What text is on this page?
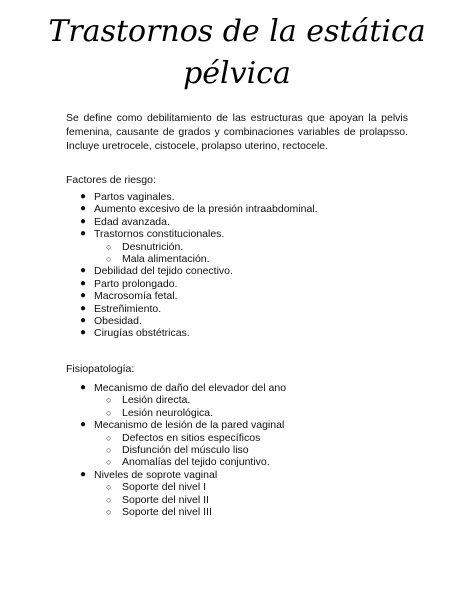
Trastornos de la estática
pélvica

Se define como debilitamiento de las estructuras que apoyan la pelvis femenina, causante de grados y combinaciones variables de prolapsso. Incluye uretrocele, cistocele, prolapso uterino, rectocele.

Factores de riesgo:

● Partos vaginales.
● Aumento excesivo de la presión intraabdominal.
● Edad avanzada.
● Trastornos constitucionales.
○ Desnutrición.
○ Mala alimentación.
● Debilidad del tejido conectivo.
● Parto prolongado.
● Macrosomía fetal.
● Estreñimiento.
● Obesidad.
● Cirugías obstétricas.

Fisiopatología:

● Mecanismo de daño del elevador del ano
○ Lesión directa.
○ Lesión neurológica.
● Mecanismo de lesión de la pared vaginal
○ Defectos en sitios específicos
○ Disfunción del músculo liso
○ Anomalías del tejido conjuntivo.
● Niveles de soprote vaginal
○ Soporte del nivel I
○ Soporte del nivel II
○ Soporte del nivel III
